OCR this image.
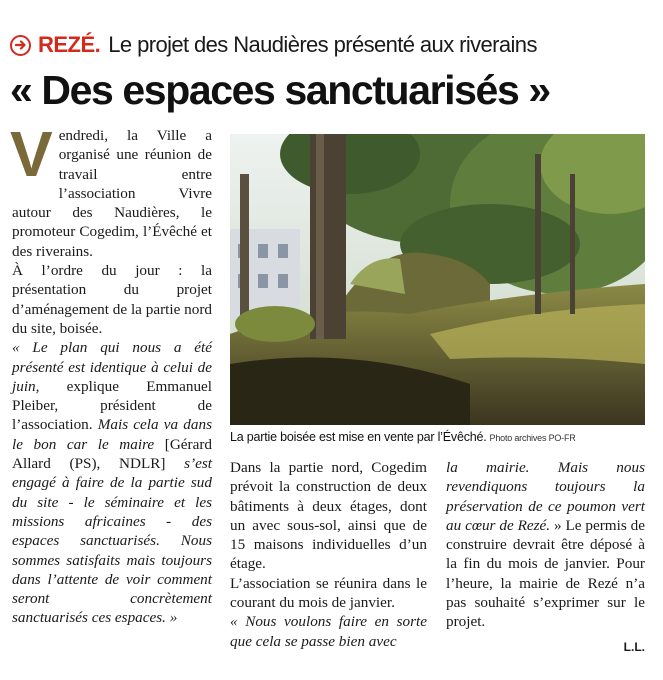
REZÉ. Le projet des Naudières présenté aux riverains
« Des espaces sanctuarisés »

Vendredi, la Ville a organisé une réunion de travail entre l’association Vivre autour des Naudières, le promoteur Cogedim, l’Évêché et des riverains.

À l’ordre du jour : la présentation du projet d’aménagement de la partie nord du site, boisée.

« Le plan qui nous a été présenté est identique à celui de juin, explique Emmanuel Pleiber, président de l’association. Mais cela va dans le bon car le maire [Gérard Allard (PS), NDLR] s’est engagé à faire de la partie sud du site - le séminaire et les missions africaines - des espaces sanctuarisés. Nous sommes satisfaits mais toujours dans l’attente de voir comment seront concrètement sanctuarisés ces espaces. »

La partie boisée est mise en vente par l’Évêché. Photo archives PO-FR

Dans la partie nord, Cogedim prévoit la construction de deux bâtiments à deux étages, dont un avec sous-sol, ainsi que de 15 maisons individuelles d’un étage.

L’association se réunira dans le courant du mois de janvier.

« Nous voulons faire en sorte que cela se passe bien avec

la mairie. Mais nous revendiquons toujours la préservation de ce poumon vert au cœur de Rezé. » Le permis de construire devrait être déposé à la fin du mois de janvier. Pour l’heure, la mairie de Rezé n’a pas souhaité s’exprimer sur le projet.

L.L.
